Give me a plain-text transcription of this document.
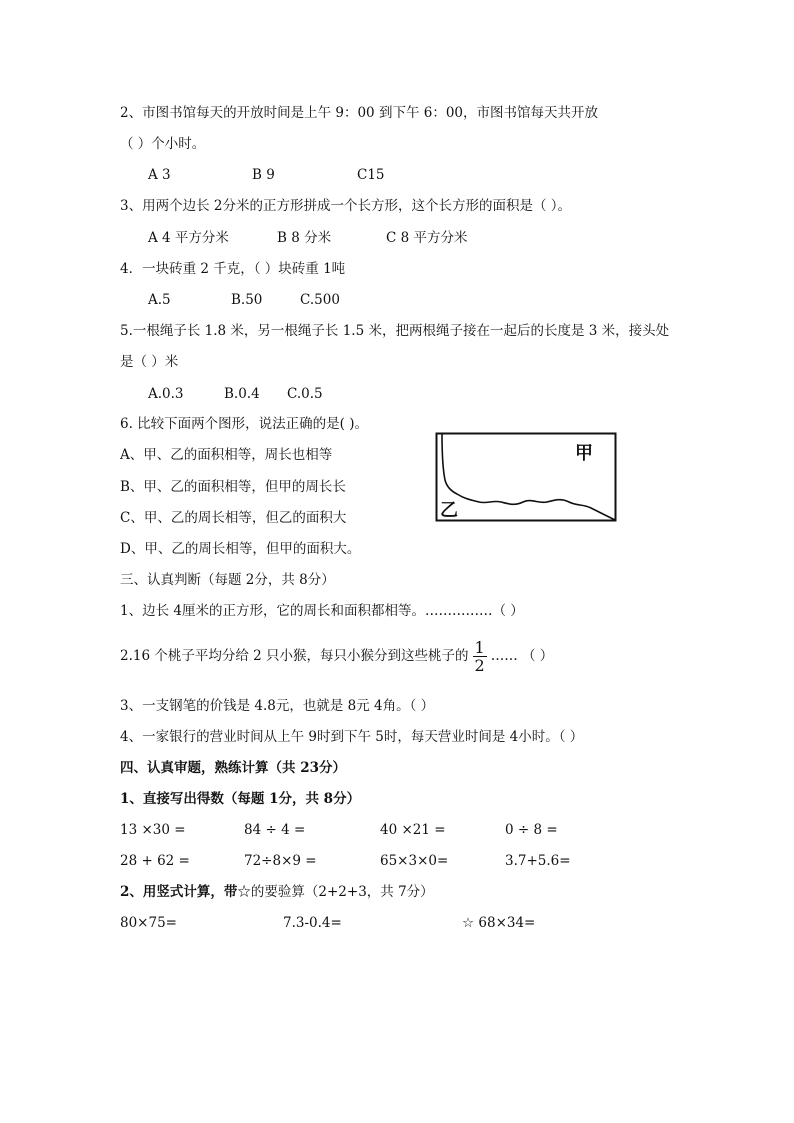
2、市图书馆每天的开放时间是上午 9：00 到下午 6：00，市图书馆每天共开放
（ ）个小时。
A 3	B 9	C15
3、用两个边长 2分米的正方形拼成一个长方形，这个长方形的面积是（ ）。
A 4 平方分米	B 8 分米	C 8 平方分米
4．一块砖重 2 千克，（ ）块砖重 1吨
A.5	B.50	C.500
5.一根绳子长 1.8 米，另一根绳子长 1.5 米，把两根绳子接在一起后的长度是 3 米，接头处
是（ ）米
A.0.3	B.0.4 C.0.5
6. 比较下面两个图形，说法正确的是( )。
A、甲、乙的面积相等，周长也相等
B、甲、乙的面积相等，但甲的周长长
C、甲、乙的周长相等，但乙的面积大
D、甲、乙的周长相等，但甲的面积大。
甲
乙
三、认真判断（每题 2分，共 8分）
1、边长 4厘米的正方形，它的周长和面积都相等。……………（ ）
2.16 个桃子平均分给 2 只小猴，每只小猴分到这些桃子的 $\frac{1}{2}$ …… （ ）
3、一支钢笔的价钱是 4.8元，也就是 8元 4角。（ ）
4、一家银行的营业时间从上午 9时到下午 5时，每天营业时间是 4小时。（ ）
四、认真审题，熟练计算（共 23分）
1、直接写出得数（每题 1分，共 8分）
13 ×30 =	84 ÷ 4 =	40 ×21 =	0 ÷ 8 =
28 + 62 =	72÷8×9 =	65×3×0=	3.7+5.6=
2、用竖式计算，带☆的要验算（2+2+3，共 7分）
80×75=	7.3-0.4=	☆ 68×34=
